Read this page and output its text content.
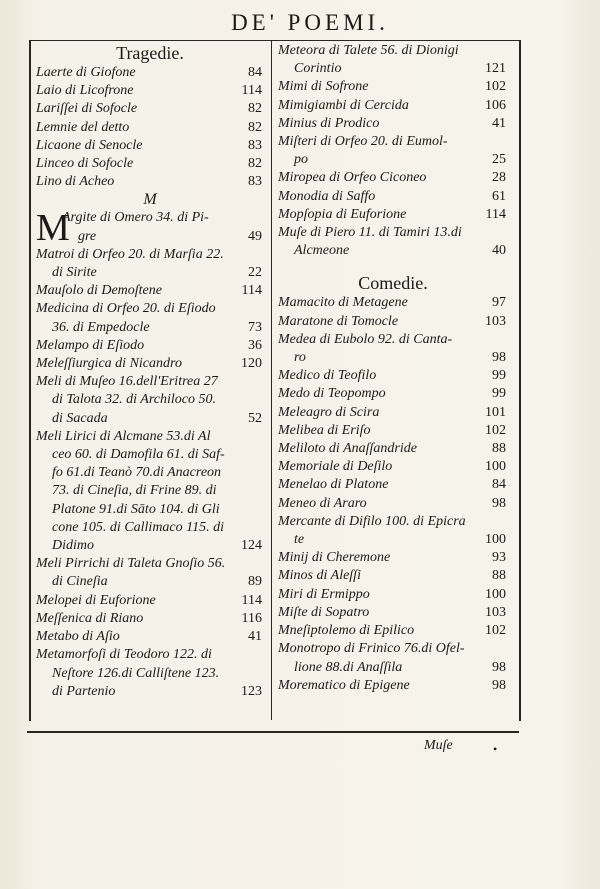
DE' POEMI.
Tragedie.
Laerte di Giofone	84
Laio di Licofrone	114
Lariſſei di Sofocle	82
Lemnie del detto	82
Licaone di Senocle	83
Linceo di Sofocle	82
Lino di Acheo	83
M
M
Argite di Omero 34. di Pi-
gre	49
Matroi di Orfeo 20. di Marſia 22.
di Sirite	22
Mauſolo di Demoſtene	114
Medicina di Orfeo 20. di Eſiodo
36. di Empedocle	73
Melampo di Eſiodo	36
Meleſſiurgica di Nicandro	120
Meli di Muſeo 16.dell'Eritrea 27
di Talota 32. di Archiloco 50.
di Sacada	52
Meli Lirici di Alcmane 53.di Al
ceo 60. di Damofila 61. di Saf-
fo 61.di Teanò 70.di Anacreon
73. di Cineſia, di Frine 89. di
Platone 91.di Sāto 104. di Gli
cone 105. di Callimaco 115. di
Didimo	124
Meli Pirrichi di Taleta Gnoſio 56.
di Cineſia	89
Melopei di Euforione	114
Meſſenica di Riano	116
Metabo di Aſio	41
Metamorfoſi di Teodoro 122. di
Neſtore 126.di Calliſtene 123.
di Partenio	123
Meteora di Talete 56. di Dionigi
Corintio	121
Mimi di Sofrone	102
Mimigiambi di Cercida	106
Minius di Prodico	41
Miſteri di Orfeo 20. di Eumol-
po	25
Miropea di Orfeo Ciconeo	28
Monodia di Saffo	61
Mopſopia di Euforione	114
Muſe di Piero 11. di Tamiri 13.di
Alcmeone	40
Comedie.
Mamacito di Metagene	97
Maratone di Tomocle	103
Medea di Eubolo 92. di Canta-
ro	98
Medico di Teofilo	99
Medo di Teopompo	99
Meleagro di Scira	101
Melibea di Eriſo	102
Meliloto di Anaſſandride	88
Memoriale di Deſilo	100
Menelao di Platone	84
Meneo di Araro	98
Mercante di Difilo 100. di Epicra
te	100
Minij di Cheremone	93
Minos di Aleſſi	88
Miri di Ermippo	100
Miſte di Sopatro	103
Mneſiptolemo di Epilico	102
Monotropo di Frinico 76.di Ofel-
lione 88.di Anaſſila	98
Morematico di Epigene	98
Muſe	•
